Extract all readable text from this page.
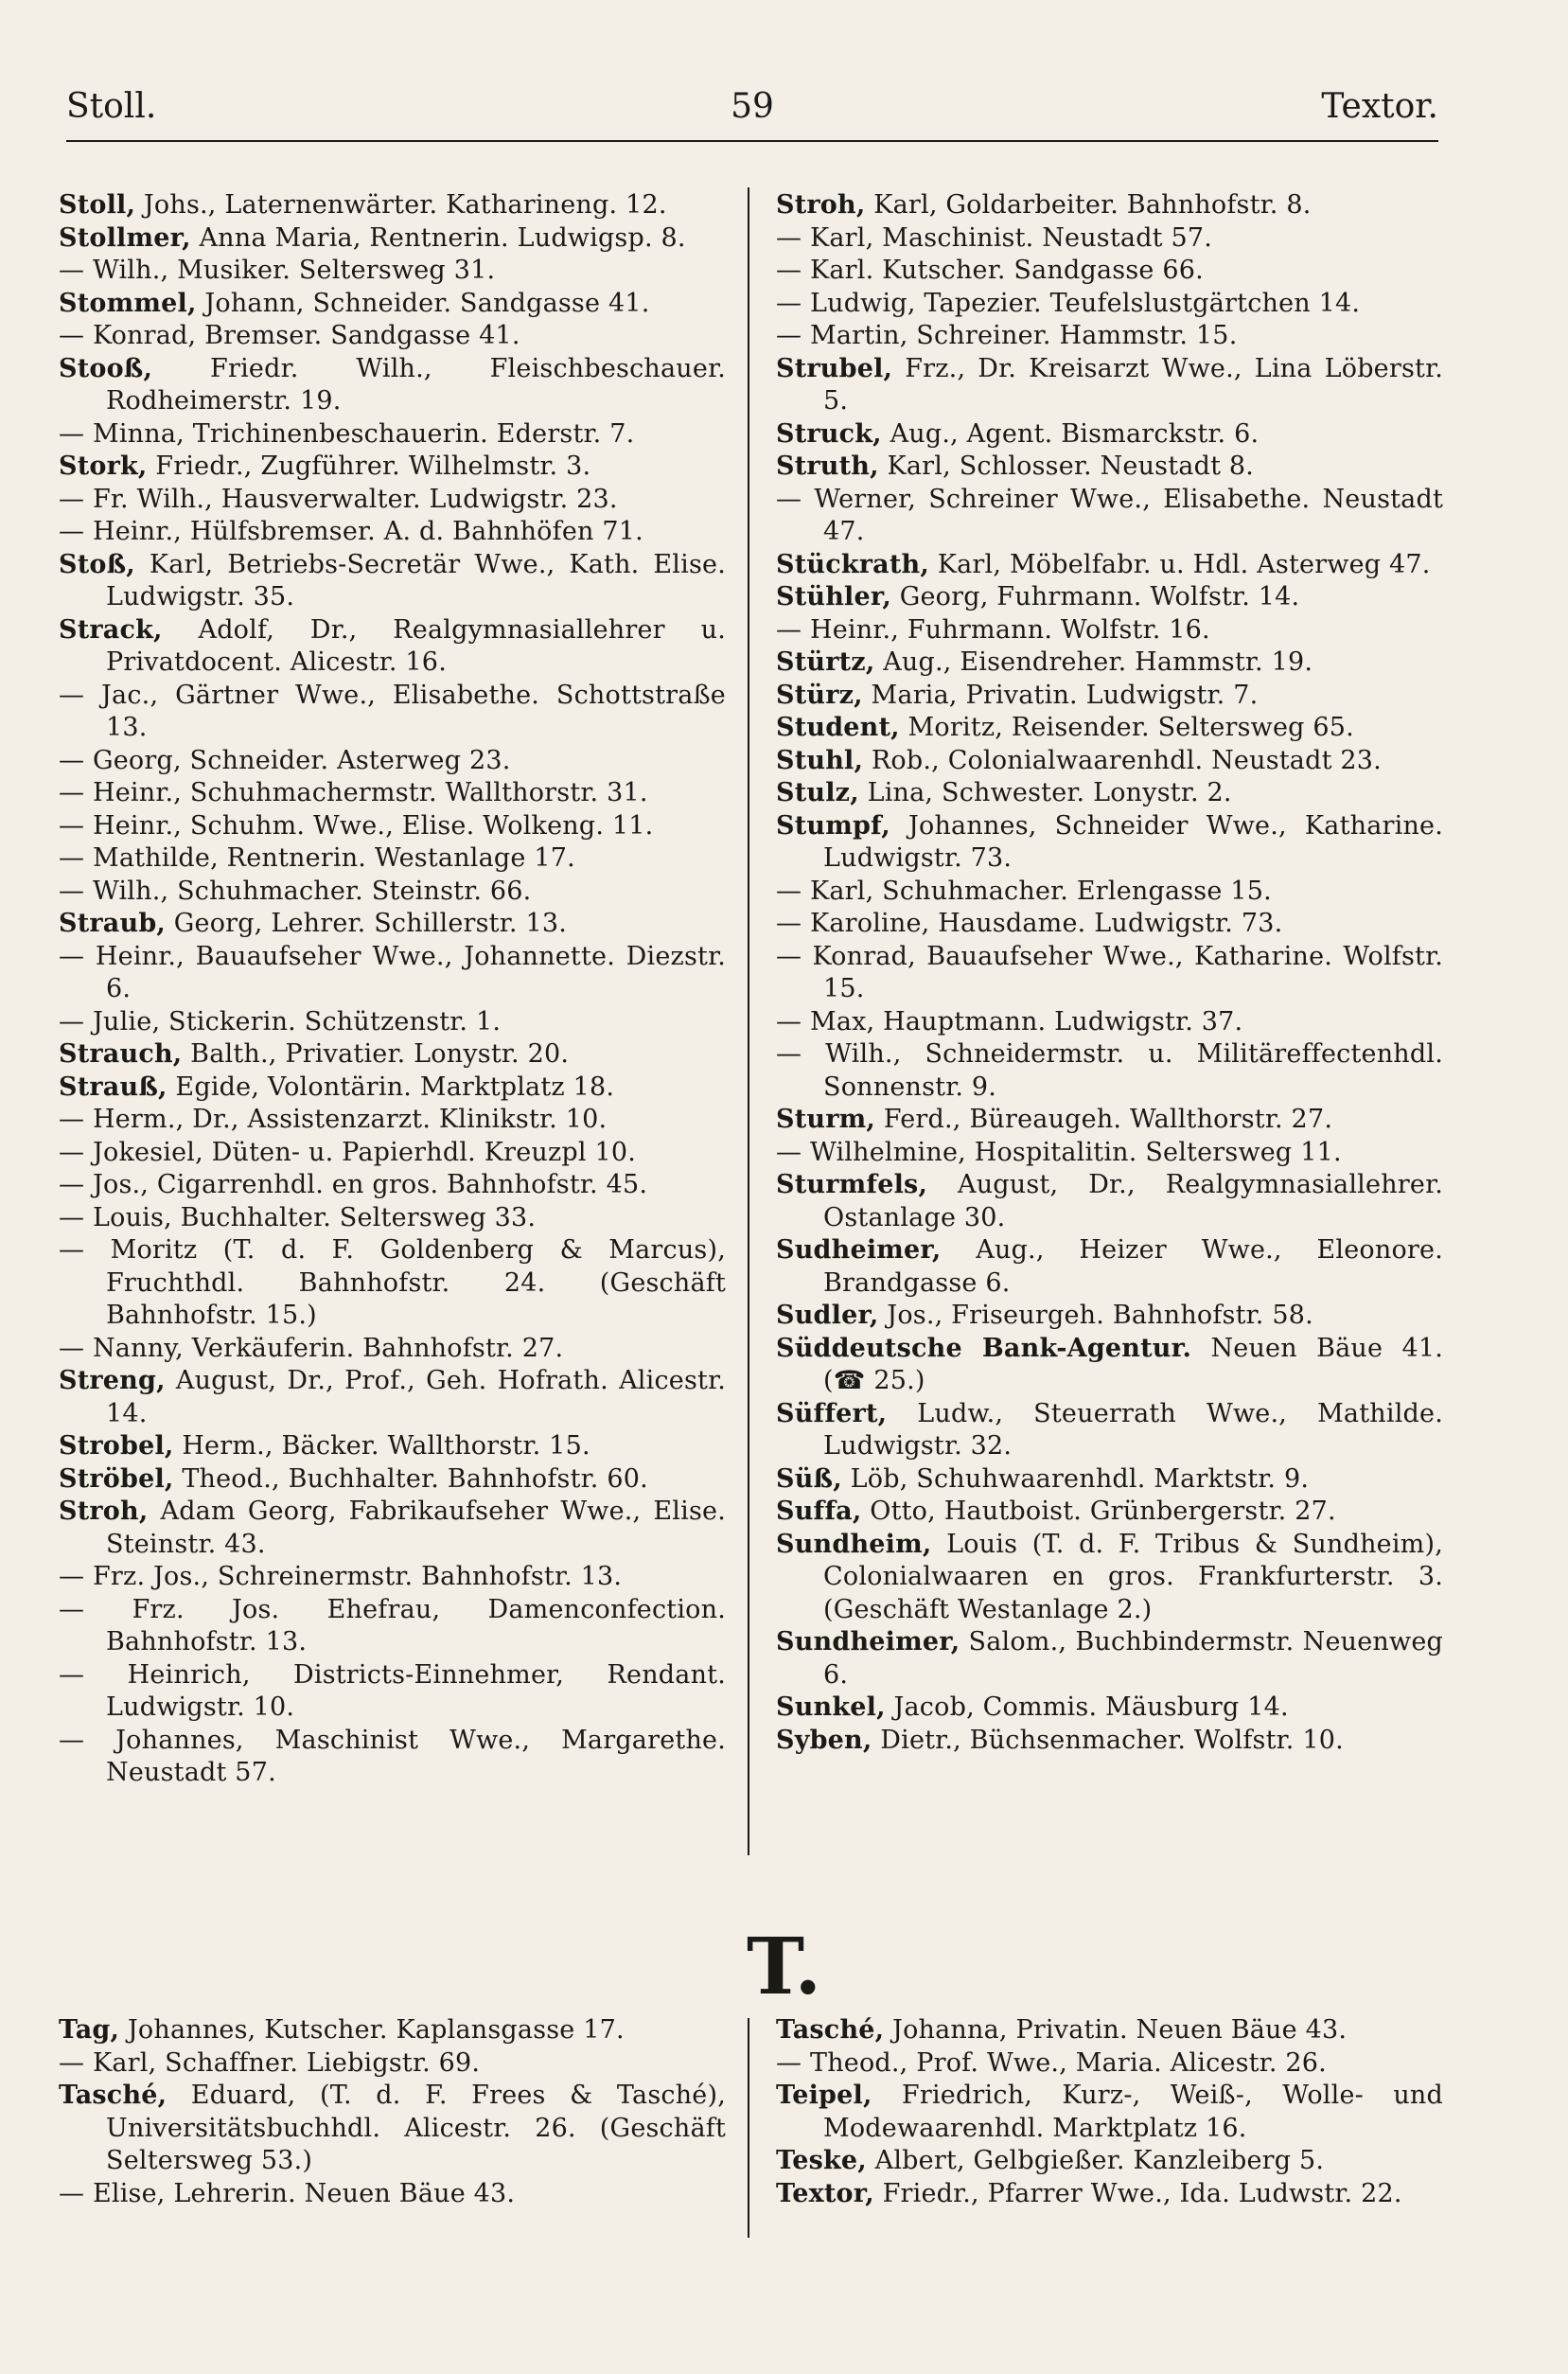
Stoll.	59	Textor.

Stoll, Johs., Laternenwärter. Katharineng. 12.

Stollmer, Anna Maria, Rentnerin. Ludwigsp. 8.

— Wilh., Musiker. Seltersweg 31.

Stommel, Johann, Schneider. Sandgasse 41.

— Konrad, Bremser. Sandgasse 41.

Stooß, Friedr. Wilh., Fleischbeschauer. Rodheimerstr. 19.

— Minna, Trichinenbeschauerin. Ederstr. 7.

Stork, Friedr., Zugführer. Wilhelmstr. 3.

— Fr. Wilh., Hausverwalter. Ludwigstr. 23.

— Heinr., Hülfsbremser. A. d. Bahnhöfen 71.

Stoß, Karl, Betriebs-Secretär Wwe., Kath. Elise. Ludwigstr. 35.

Strack, Adolf, Dr., Realgymnasiallehrer u. Privatdocent. Alicestr. 16.

— Jac., Gärtner Wwe., Elisabethe. Schottstraße 13.

— Georg, Schneider. Asterweg 23.

— Heinr., Schuhmachermstr. Wallthorstr. 31.

— Heinr., Schuhm. Wwe., Elise. Wolkeng. 11.

— Mathilde, Rentnerin. Westanlage 17.

— Wilh., Schuhmacher. Steinstr. 66.

Straub, Georg, Lehrer. Schillerstr. 13.

— Heinr., Bauaufseher Wwe., Johannette. Diezstr. 6.

— Julie, Stickerin. Schützenstr. 1.

Strauch, Balth., Privatier. Lonystr. 20.

Strauß, Egide, Volontärin. Marktplatz 18.

— Herm., Dr., Assistenzarzt. Klinikstr. 10.

— Jokesiel, Düten- u. Papierhdl. Kreuzpl 10.

— Jos., Cigarrenhdl. en gros. Bahnhofstr. 45.

— Louis, Buchhalter. Seltersweg 33.

— Moritz (T. d. F. Goldenberg & Marcus), Fruchthdl. Bahnhofstr. 24. (Geschäft Bahnhofstr. 15.)

— Nanny, Verkäuferin. Bahnhofstr. 27.

Streng, August, Dr., Prof., Geh. Hofrath. Alicestr. 14.

Strobel, Herm., Bäcker. Wallthorstr. 15.

Ströbel, Theod., Buchhalter. Bahnhofstr. 60.

Stroh, Adam Georg, Fabrikaufseher Wwe., Elise. Steinstr. 43.

— Frz. Jos., Schreinermstr. Bahnhofstr. 13.

— Frz. Jos. Ehefrau, Damenconfection. Bahnhofstr. 13.

— Heinrich, Districts-Einnehmer, Rendant. Ludwigstr. 10.

— Johannes, Maschinist Wwe., Margarethe. Neustadt 57.

Stroh, Karl, Goldarbeiter. Bahnhofstr. 8.

— Karl, Maschinist. Neustadt 57.

— Karl. Kutscher. Sandgasse 66.

— Ludwig, Tapezier. Teufelslustgärtchen 14.

— Martin, Schreiner. Hammstr. 15.

Strubel, Frz., Dr. Kreisarzt Wwe., Lina Löberstr. 5.

Struck, Aug., Agent. Bismarckstr. 6.

Struth, Karl, Schlosser. Neustadt 8.

— Werner, Schreiner Wwe., Elisabethe. Neustadt 47.

Stückrath, Karl, Möbelfabr. u. Hdl. Asterweg 47.

Stühler, Georg, Fuhrmann. Wolfstr. 14.

— Heinr., Fuhrmann. Wolfstr. 16.

Stürtz, Aug., Eisendreher. Hammstr. 19.

Stürz, Maria, Privatin. Ludwigstr. 7.

Student, Moritz, Reisender. Seltersweg 65.

Stuhl, Rob., Colonialwaarenhdl. Neustadt 23.

Stulz, Lina, Schwester. Lonystr. 2.

Stumpf, Johannes, Schneider Wwe., Katharine. Ludwigstr. 73.

— Karl, Schuhmacher. Erlengasse 15.

— Karoline, Hausdame. Ludwigstr. 73.

— Konrad, Bauaufseher Wwe., Katharine. Wolfstr. 15.

— Max, Hauptmann. Ludwigstr. 37.

— Wilh., Schneidermstr. u. Militäreffectenhdl. Sonnenstr. 9.

Sturm, Ferd., Büreaugeh. Wallthorstr. 27.

— Wilhelmine, Hospitalitin. Seltersweg 11.

Sturmfels, August, Dr., Realgymnasiallehrer. Ostanlage 30.

Sudheimer, Aug., Heizer Wwe., Eleonore. Brandgasse 6.

Sudler, Jos., Friseurgeh. Bahnhofstr. 58.

Süddeutsche Bank-Agentur. Neuen Bäue 41. (☎ 25.)

Süffert, Ludw., Steuerrath Wwe., Mathilde. Ludwigstr. 32.

Süß, Löb, Schuhwaarenhdl. Marktstr. 9.

Suffa, Otto, Hautboist. Grünbergerstr. 27.

Sundheim, Louis (T. d. F. Tribus & Sundheim), Colonialwaaren en gros. Frankfurterstr. 3. (Geschäft Westanlage 2.)

Sundheimer, Salom., Buchbindermstr. Neuenweg 6.

Sunkel, Jacob, Commis. Mäusburg 14.

Syben, Dietr., Büchsenmacher. Wolfstr. 10.

T.

Tag, Johannes, Kutscher. Kaplansgasse 17.

— Karl, Schaffner. Liebigstr. 69.

Tasché, Eduard, (T. d. F. Frees & Tasché), Universitätsbuchhdl. Alicestr. 26. (Geschäft Seltersweg 53.)

— Elise, Lehrerin. Neuen Bäue 43.

Tasché, Johanna, Privatin. Neuen Bäue 43.

— Theod., Prof. Wwe., Maria. Alicestr. 26.

Teipel, Friedrich, Kurz-, Weiß-, Wolle- und Modewaarenhdl. Marktplatz 16.

Teske, Albert, Gelbgießer. Kanzleiberg 5.

Textor, Friedr., Pfarrer Wwe., Ida. Ludwstr. 22.
